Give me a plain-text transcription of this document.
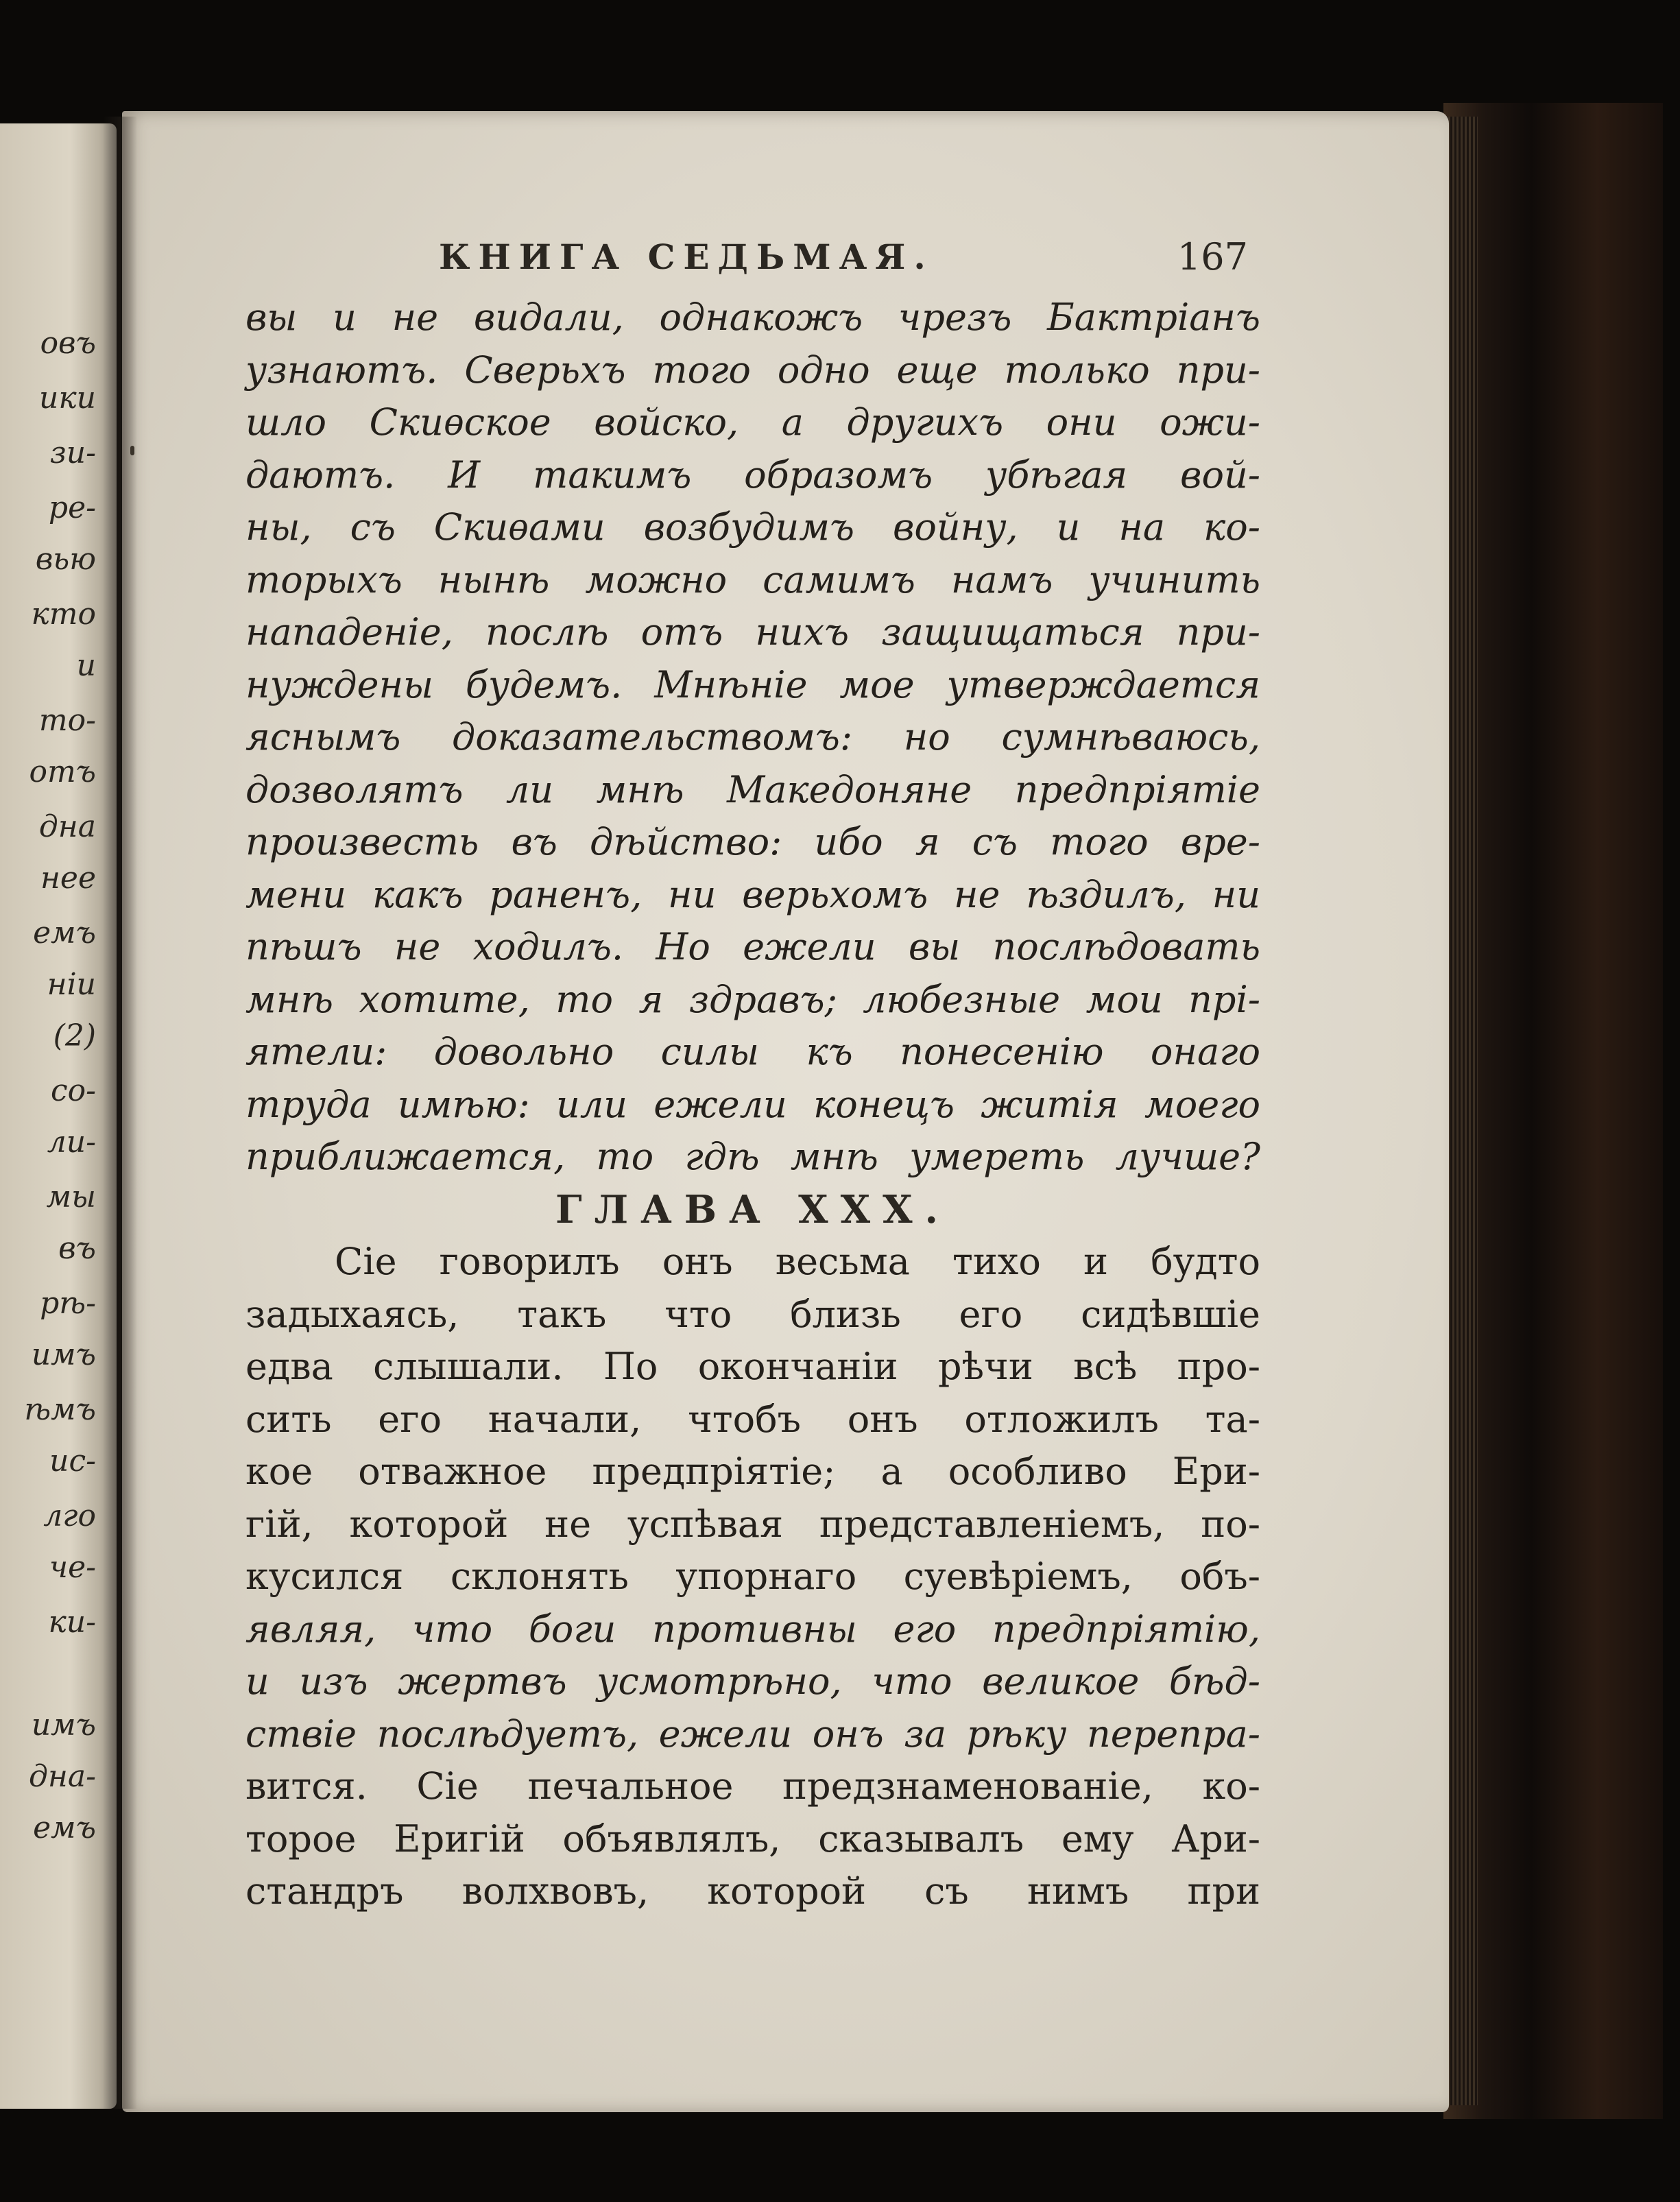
овъ
ики
зи-
ре-
вью
кто
и
то-
отъ
дна
нее
емъ
ніи
(2)
со-
ли-
мы
въ
рѣ-
имъ
ѣмъ
ис-
лго
че-
ки-
имъ
дна-
емъ
КНИГА СЕДЬМАЯ.	167
вы и не видали, однакожъ чрезъ Бактріанъ
узнаютъ. Сверьхъ того одно еще только при-
шло Скиѳское войско, а другихъ они ожи-
даютъ. И такимъ образомъ убѣгая вой-
ны, съ Скиѳами возбудимъ войну, и на ко-
торыхъ нынѣ можно самимъ намъ учинить
нападеніе, послѣ отъ нихъ защищаться при-
нуждены будемъ. Мнѣніе мое утверждается
яснымъ доказательствомъ: но сумнѣваюсь,
дозволятъ ли мнѣ Македоняне предпріятіе
произвесть въ дѣйство: ибо я съ того вре-
мени какъ раненъ, ни верьхомъ не ѣздилъ, ни
пѣшъ не ходилъ. Но ежели вы послѣдовать
мнѣ хотите, то я здравъ; любезные мои прі-
ятели: довольно силы къ понесенію онаго
труда имѣю: или ежели конецъ житія моего
приближается, то гдѣ мнѣ умереть лучше?
ГЛАВА XXX.
Сіе говорилъ онъ весьма тихо и будто
задыхаясь, такъ что близь его сидѣвшіе
едва слышали. По окончаніи рѣчи всѣ про-
сить его начали, чтобъ онъ отложилъ та-
кое отважное предпріятіе; а особливо Ери-
гій, которой не успѣвая представленіемъ, по-
кусился склонять упорнаго суевѣріемъ, объ-
являя, что боги противны его предпріятію,
и изъ жертвъ усмотрѣно, что великое бѣд-
ствіе послѣдуетъ, ежели онъ за рѣку перепра-
вится. Сіе печальное предзнаменованіе, ко-
торое Еригій объявлялъ, сказывалъ ему Ари-
стандръ волхвовъ, которой съ нимъ при
